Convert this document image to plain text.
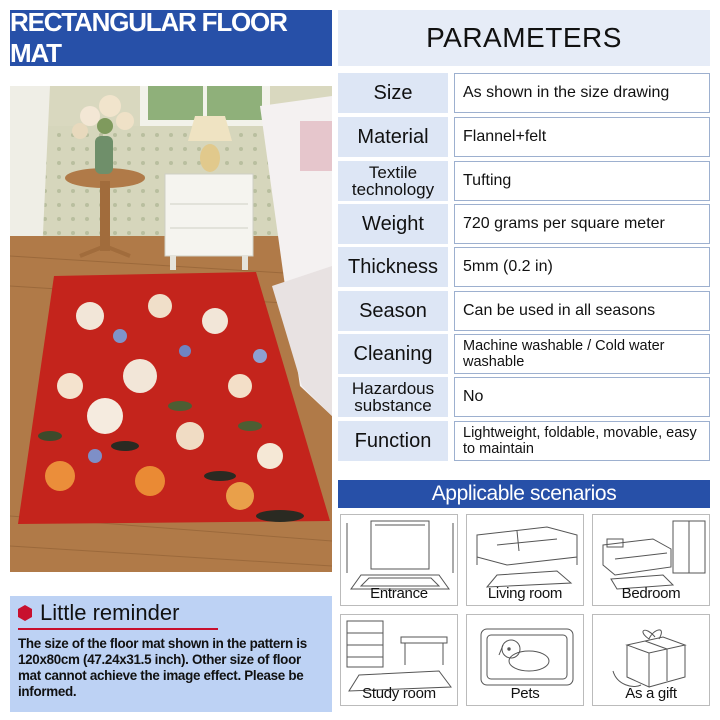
RECTANGULAR FLOOR MAT
Little reminder
The size of the floor mat shown in the pattern is 120x80cm (47.24x31.5 inch). Other size of floor mat cannot achieve the image effect. Please be informed.
PARAMETERS
Size	As shown in the size drawing
Material	Flannel+felt
Textile technology	Tufting
Weight	720 grams per square meter
Thickness	5mm (0.2 in)
Season	Can be used in all seasons
Cleaning	Machine washable / Cold water washable
Hazardous substance	No
Function	Lightweight, foldable, movable, easy to maintain
Applicable scenarios
Entrance	Living room	Bedroom
Study room	Pets	As a gift
